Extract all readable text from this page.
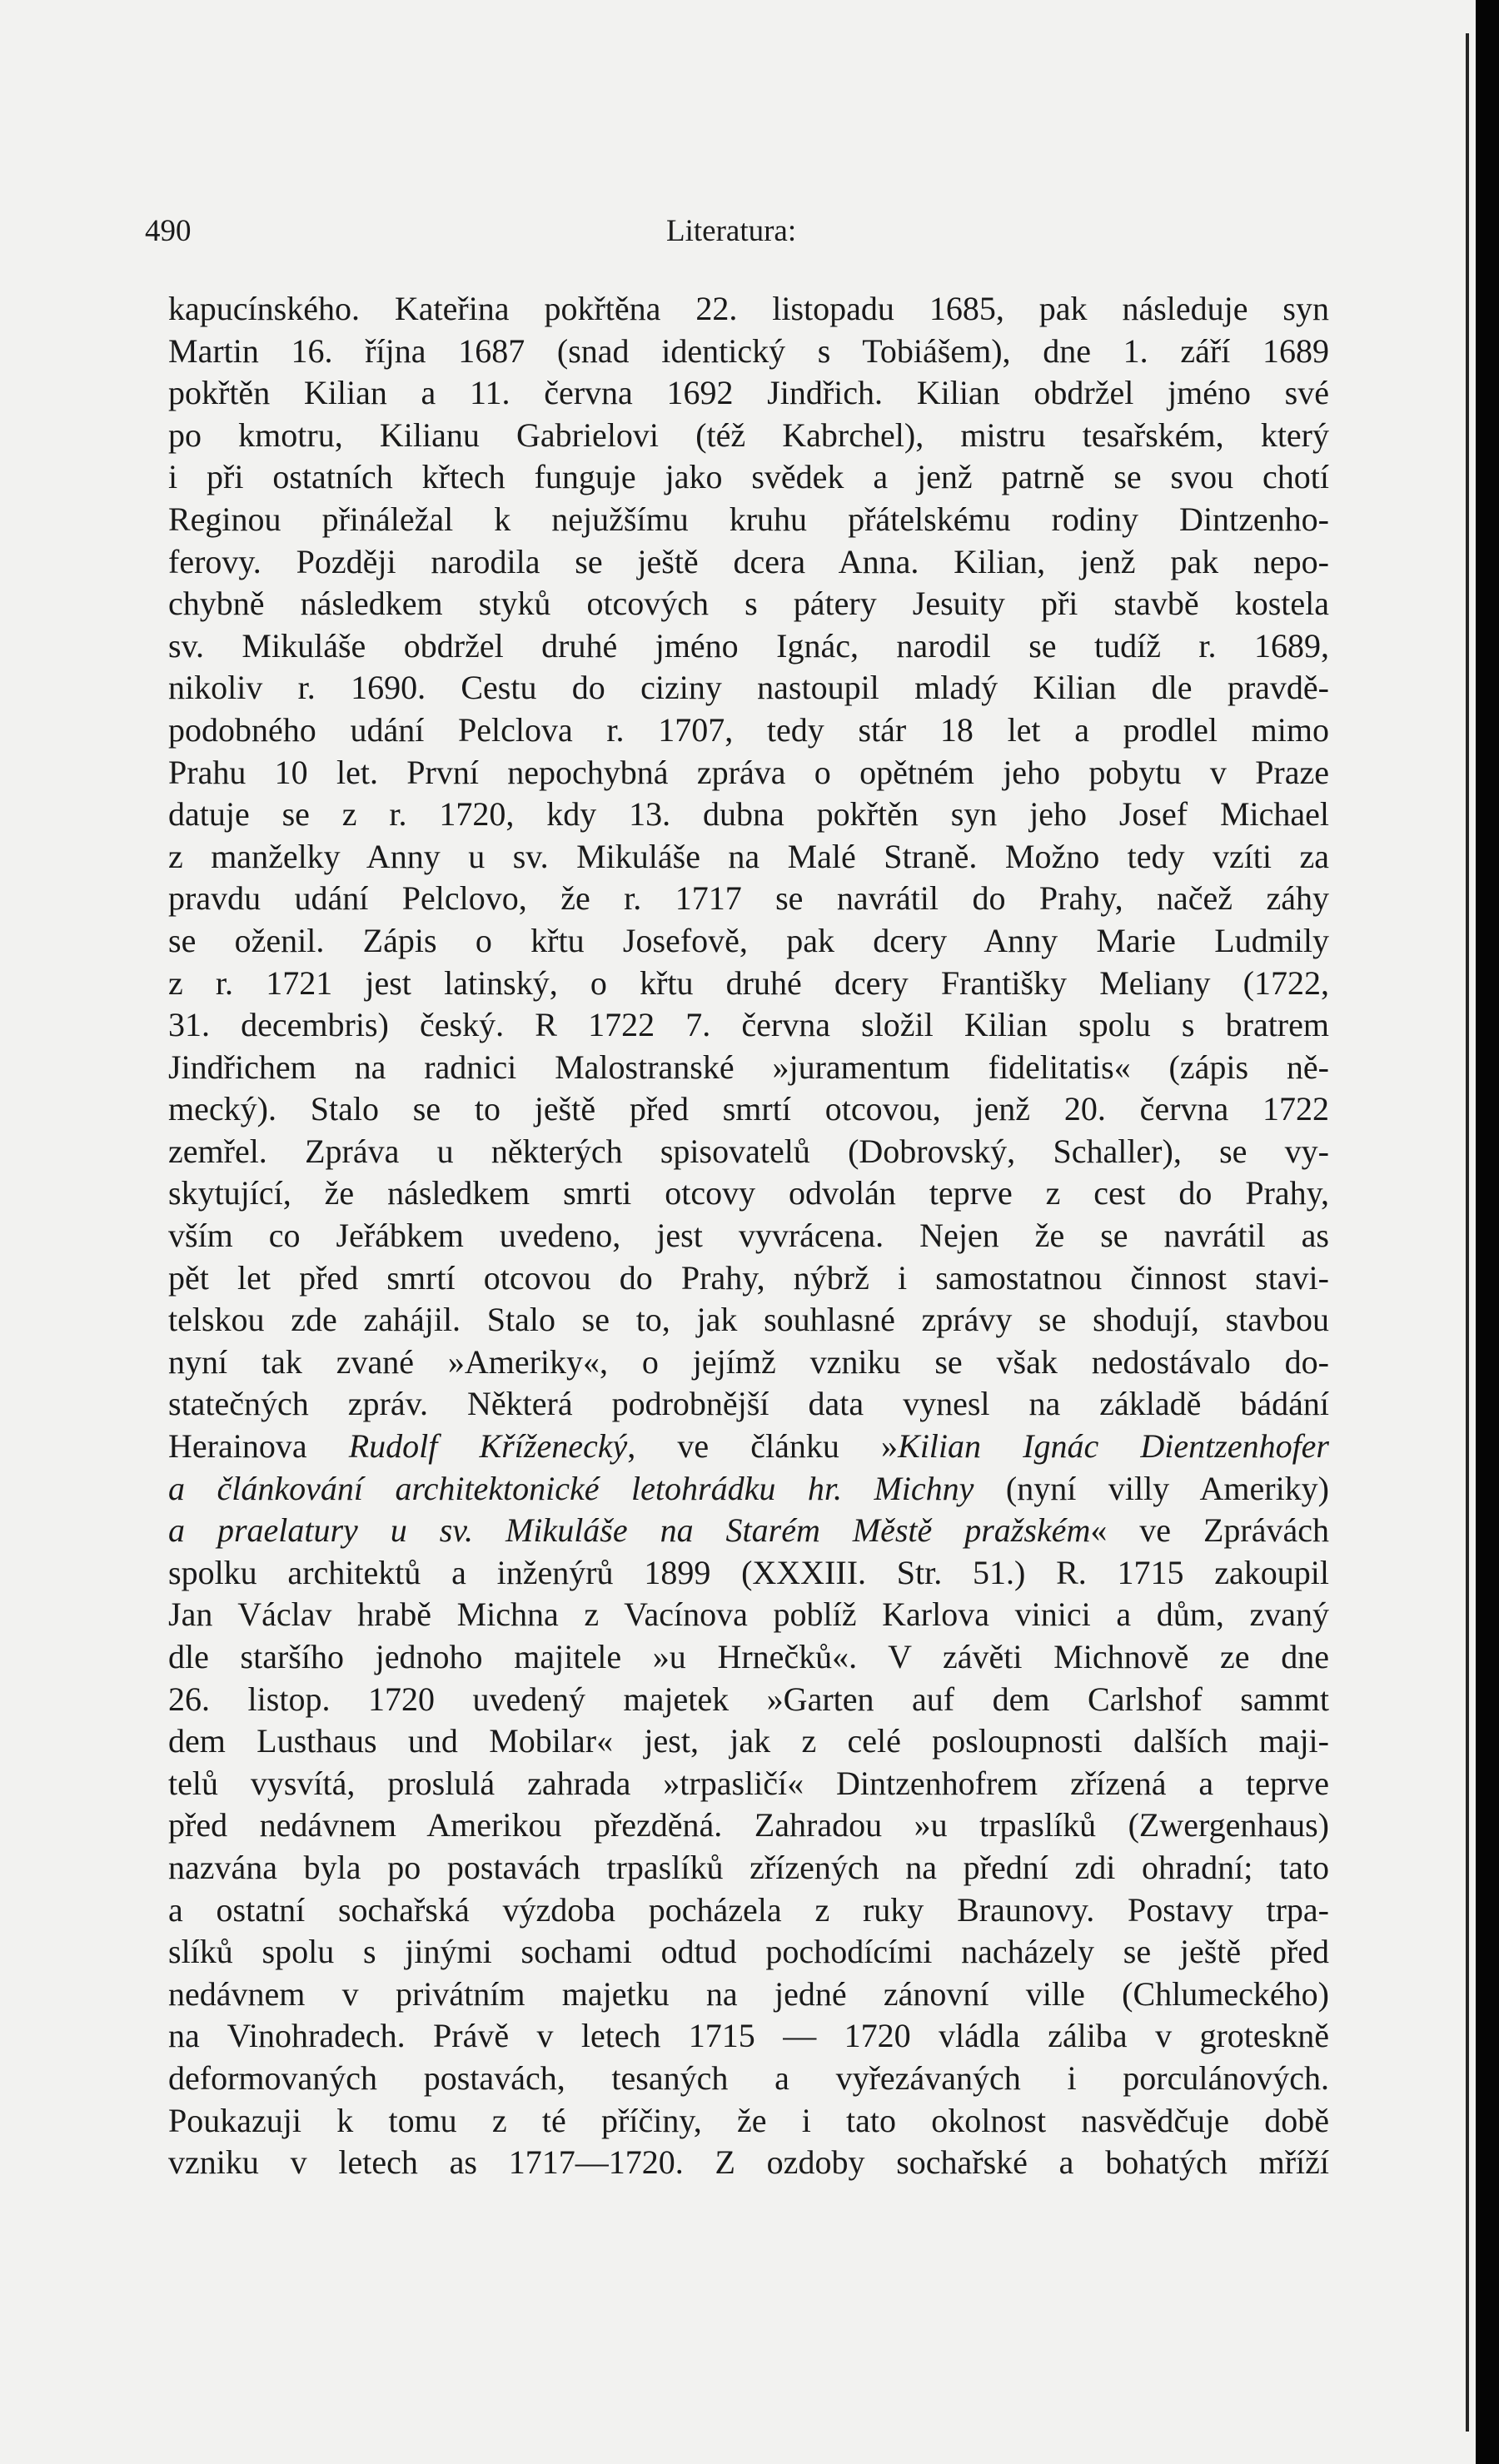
490	Literatura:
kapucínského. Kateřina pokřtěna 22. listopadu 1685, pak následuje syn
Martin 16. října 1687 (snad identický s Tobiášem), dne 1. září 1689
pokřtěn Kilian a 11. června 1692 Jindřich. Kilian obdržel jméno své
po kmotru, Kilianu Gabrielovi (též Kabrchel), mistru tesařském, který
i při ostatních křtech funguje jako svědek a jenž patrně se svou chotí
Reginou přináležal k nejužšímu kruhu přátelskému rodiny Dintzenho-
ferovy. Později narodila se ještě dcera Anna. Kilian, jenž pak nepo-
chybně následkem styků otcových s pátery Jesuity při stavbě kostela
sv. Mikuláše obdržel druhé jméno Ignác, narodil se tudíž r. 1689,
nikoliv r. 1690. Cestu do ciziny nastoupil mladý Kilian dle pravdě-
podobného udání Pelclova r. 1707, tedy stár 18 let a prodlel mimo
Prahu 10 let. První nepochybná zpráva o opětném jeho pobytu v Praze
datuje se z r. 1720, kdy 13. dubna pokřtěn syn jeho Josef Michael
z manželky Anny u sv. Mikuláše na Malé Straně. Možno tedy vzíti za
pravdu udání Pelclovo, že r. 1717 se navrátil do Prahy, načež záhy
se oženil. Zápis o křtu Josefově, pak dcery Anny Marie Ludmily
z r. 1721 jest latinský, o křtu druhé dcery Františky Meliany (1722,
31. decembris) český. R 1722 7. června složil Kilian spolu s bratrem
Jindřichem na radnici Malostranské »juramentum fidelitatis« (zápis ně-
mecký). Stalo se to ještě před smrtí otcovou, jenž 20. června 1722
zemřel. Zpráva u některých spisovatelů (Dobrovský, Schaller), se vy-
skytující, že následkem smrti otcovy odvolán teprve z cest do Prahy,
vším co Jeřábkem uvedeno, jest vyvrácena. Nejen že se navrátil as
pět let před smrtí otcovou do Prahy, nýbrž i samostatnou činnost stavi-
telskou zde zahájil. Stalo se to, jak souhlasné zprávy se shodují, stavbou
nyní tak zvané »Ameriky«, o jejímž vzniku se však nedostávalo do-
statečných zpráv. Některá podrobnější data vynesl na základě bádání
Herainova Rudolf Kříženecký, ve článku »Kilian Ignác Dientzenhofer
a článkování architektonické letohrádku hr. Michny (nyní villy Ameriky)
a praelatury u sv. Mikuláše na Starém Městě pražském« ve Zprávách
spolku architektů a inženýrů 1899 (XXXIII. Str. 51.) R. 1715 zakoupil
Jan Václav hrabě Michna z Vacínova poblíž Karlova vinici a dům, zvaný
dle staršího jednoho majitele »u Hrnečků«. V závěti Michnově ze dne
26. listop. 1720 uvedený majetek »Garten auf dem Carlshof sammt
dem Lusthaus und Mobilar« jest, jak z celé posloupnosti dalších maji-
telů vysvítá, proslulá zahrada »trpasličí« Dintzenhofrem zřízená a teprve
před nedávnem Amerikou přezděná. Zahradou »u trpaslíků (Zwergenhaus)
nazvána byla po postavách trpaslíků zřízených na přední zdi ohradní; tato
a ostatní sochařská výzdoba pocházela z ruky Braunovy. Postavy trpa-
slíků spolu s jinými sochami odtud pochodícími nacházely se ještě před
nedávnem v privátním majetku na jedné zánovní ville (Chlumeckého)
na Vinohradech. Právě v letech 1715 — 1720 vládla záliba v groteskně
deformovaných postavách, tesaných a vyřezávaných i porculánových.
Poukazuji k tomu z té příčiny, že i tato okolnost nasvědčuje době
vzniku v letech as 1717—1720. Z ozdoby sochařské a bohatých mříží
